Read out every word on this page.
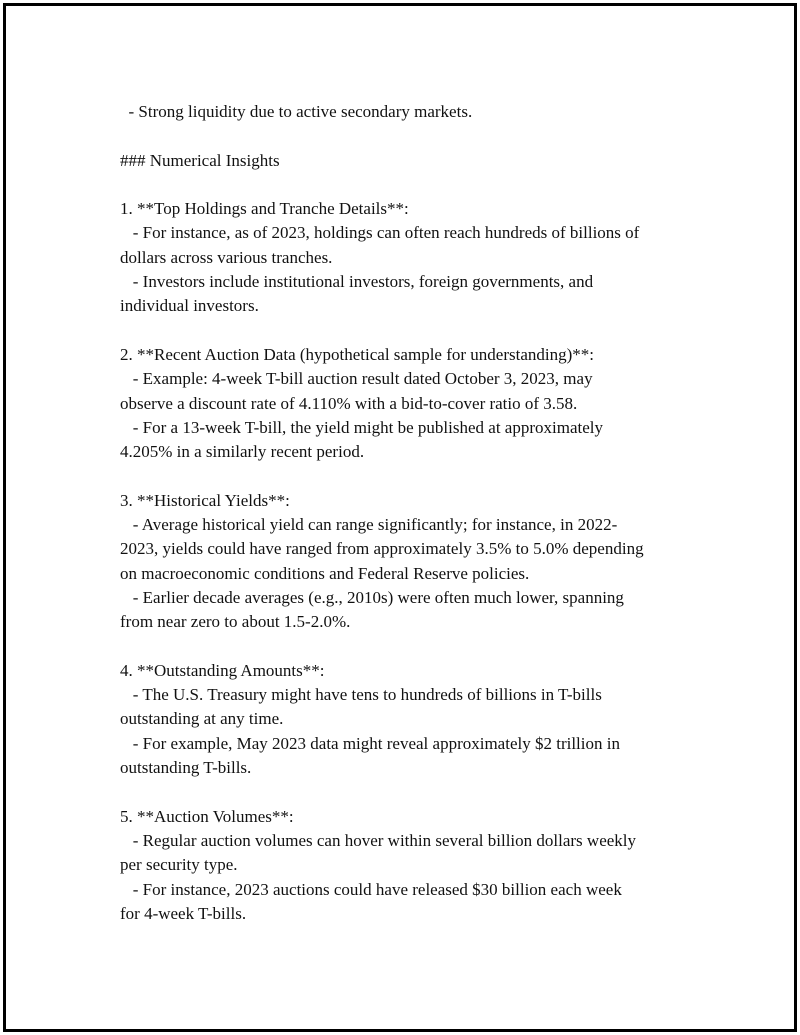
- Strong liquidity due to active secondary markets.
### Numerical Insights
1. **Top Holdings and Tranche Details**:
- For instance, as of 2023, holdings can often reach hundreds of billions of
dollars across various tranches.
- Investors include institutional investors, foreign governments, and
individual investors.
2. **Recent Auction Data (hypothetical sample for understanding)**:
- Example: 4-week T-bill auction result dated October 3, 2023, may
observe a discount rate of 4.110% with a bid-to-cover ratio of 3.58.
- For a 13-week T-bill, the yield might be published at approximately
4.205% in a similarly recent period.
3. **Historical Yields**:
- Average historical yield can range significantly; for instance, in 2022-
2023, yields could have ranged from approximately 3.5% to 5.0% depending
on macroeconomic conditions and Federal Reserve policies.
- Earlier decade averages (e.g., 2010s) were often much lower, spanning
from near zero to about 1.5-2.0%.
4. **Outstanding Amounts**:
- The U.S. Treasury might have tens to hundreds of billions in T-bills
outstanding at any time.
- For example, May 2023 data might reveal approximately $2 trillion in
outstanding T-bills.
5. **Auction Volumes**:
- Regular auction volumes can hover within several billion dollars weekly
per security type.
- For instance, 2023 auctions could have released $30 billion each week
for 4-week T-bills.
